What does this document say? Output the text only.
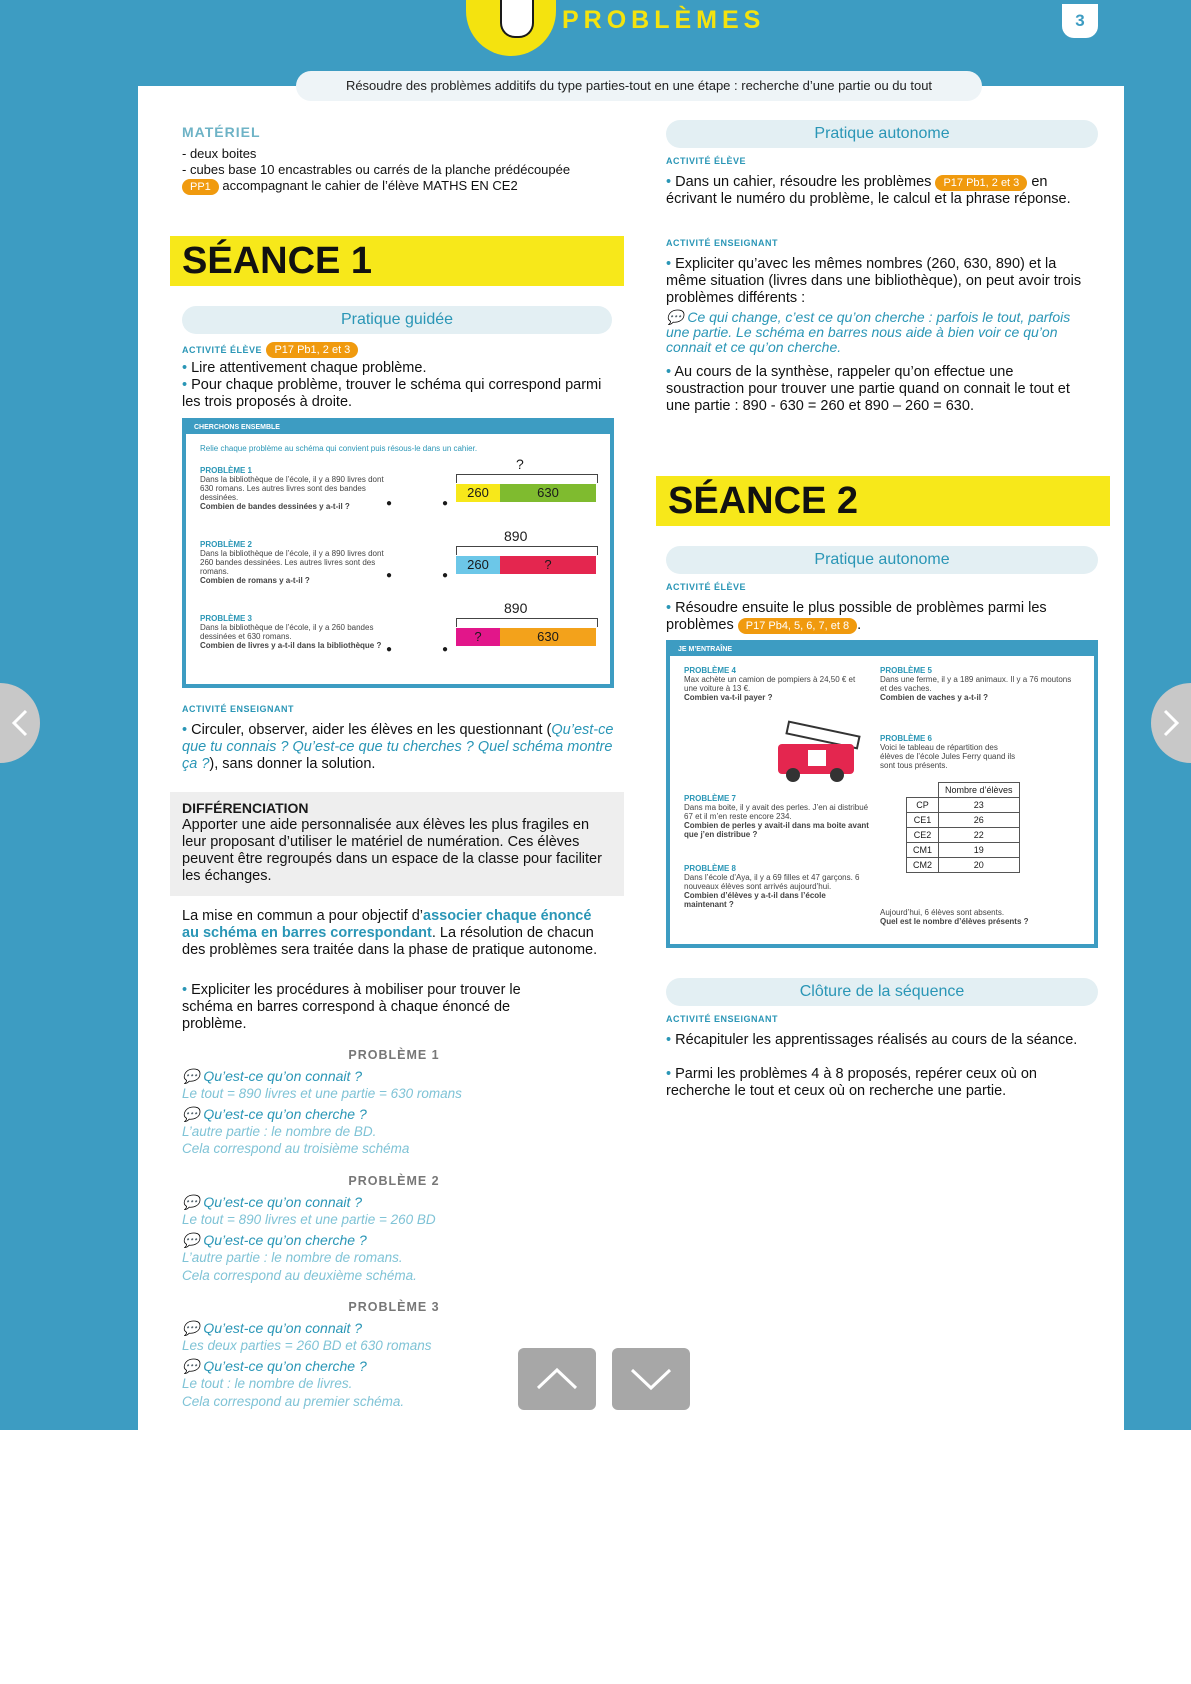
PROBLÈMES	3
Résoudre des problèmes additifs du type parties-tout en une étape : recherche d’une partie ou du tout
MATÉRIEL
- deux boites
- cubes base 10 encastrables ou carrés de la planche prédécoupée
PP1 accompagnant le cahier de l’élève MATHS EN CE2
SÉANCE 1
Pratique guidée
ACTIVITÉ ÉLÈVE P17 Pb1, 2 et 3
• Lire attentivement chaque problème.
• Pour chaque problème, trouver le schéma qui correspond parmi les trois proposés à droite.
CHERCHONS ENSEMBLE
Relie chaque problème au schéma qui convient puis résous-le dans un cahier.
PROBLÈME 1
Dans la bibliothèque de l’école, il y a 890 livres dont 630 romans. Les autres livres sont des bandes dessinées.
Combien de bandes dessinées y a-t-il ?
PROBLÈME 2
Dans la bibliothèque de l’école, il y a 890 livres dont 260 bandes dessinées. Les autres livres sont des romans.
Combien de romans y a-t-il ?
PROBLÈME 3
Dans la bibliothèque de l’école, il y a 260 bandes dessinées et 630 romans.
Combien de livres y a-t-il dans la bibliothèque ?
●	●
●	●
●	●
?
260	630
890
260	?
890
?	630
ACTIVITÉ ENSEIGNANT
• Circuler, observer, aider les élèves en les questionnant (Qu’est-ce que tu connais ? Qu’est-ce que tu cherches ? Quel schéma montre ça ?), sans donner la solution.
DIFFÉRENCIATION
Apporter une aide personnalisée aux élèves les plus fragiles en leur proposant d’utiliser le matériel de numération. Ces élèves peuvent être regroupés dans un espace de la classe pour faciliter les échanges.
La mise en commun a pour objectif d’associer chaque énoncé au schéma en barres correspondant. La résolution de chacun des problèmes sera traitée dans la phase de pratique autonome.
• Expliciter les procédures à mobiliser pour trouver le schéma en barres correspond à chaque énoncé de problème.
PROBLÈME 1
💬 Qu’est-ce qu’on connait ?
Le tout = 890 livres et une partie = 630 romans
💬 Qu’est-ce qu’on cherche ?
L’autre partie : le nombre de BD.
Cela correspond au troisième schéma
PROBLÈME 2
💬 Qu’est-ce qu’on connait ?
Le tout = 890 livres et une partie = 260 BD
💬 Qu’est-ce qu’on cherche ?
L’autre partie : le nombre de romans.
Cela correspond au deuxième schéma.
PROBLÈME 3
💬 Qu’est-ce qu’on connait ?
Les deux parties = 260 BD et 630 romans
💬 Qu’est-ce qu’on cherche ?
Le tout : le nombre de livres.
Cela correspond au premier schéma.
Pratique autonome
ACTIVITÉ ÉLÈVE
• Dans un cahier, résoudre les problèmes P17 Pb1, 2 et 3 en écrivant le numéro du problème, le calcul et la phrase réponse.
ACTIVITÉ ENSEIGNANT
• Expliciter qu’avec les mêmes nombres (260, 630, 890) et la même situation (livres dans une bibliothèque), on peut avoir trois problèmes différents :
💬 Ce qui change, c’est ce qu’on cherche : parfois le tout, parfois une partie. Le schéma en barres nous aide à bien voir ce qu’on connait et ce qu’on cherche.
• Au cours de la synthèse, rappeler qu’on effectue une soustraction pour trouver une partie quand on connait le tout et une partie : 890 - 630 = 260 et 890 – 260 = 630.
SÉANCE 2
Pratique autonome
ACTIVITÉ ÉLÈVE
• Résoudre ensuite le plus possible de problèmes parmi les problèmes P17 Pb4, 5, 6, 7, et 8 .
JE M’ENTRAÎNE
PROBLÈME 4
Max achète un camion de pompiers à 24,50 € et une voiture à 13 €.
Combien va-t-il payer ?
PROBLÈME 5
Dans une ferme, il y a 189 animaux. Il y a 76 moutons et des vaches.
Combien de vaches y a-t-il ?
PROBLÈME 6
Voici le tableau de répartition des élèves de l’école Jules Ferry quand ils sont tous présents.
PROBLÈME 7
Dans ma boite, il y avait des perles. J’en ai distribué 67 et il m’en reste encore 234.
Combien de perles y avait-il dans ma boite avant que j’en distribue ?
PROBLÈME 8
Dans l’école d’Aya, il y a 69 filles et 47 garçons. 6 nouveaux élèves sont arrivés aujourd’hui.
Combien d’élèves y a-t-il dans l’école maintenant ?
	Nombre d’élèves
CP	23
CE1	26
CE2	22
CM1	19
CM2	20
Aujourd’hui, 6 élèves sont absents.
Quel est le nombre d’élèves présents ?
Clôture de la séquence
ACTIVITÉ ENSEIGNANT
• Récapituler les apprentissages réalisés au cours de la séance.
• Parmi les problèmes 4 à 8 proposés, repérer ceux où on recherche le tout et ceux où on recherche une partie.
